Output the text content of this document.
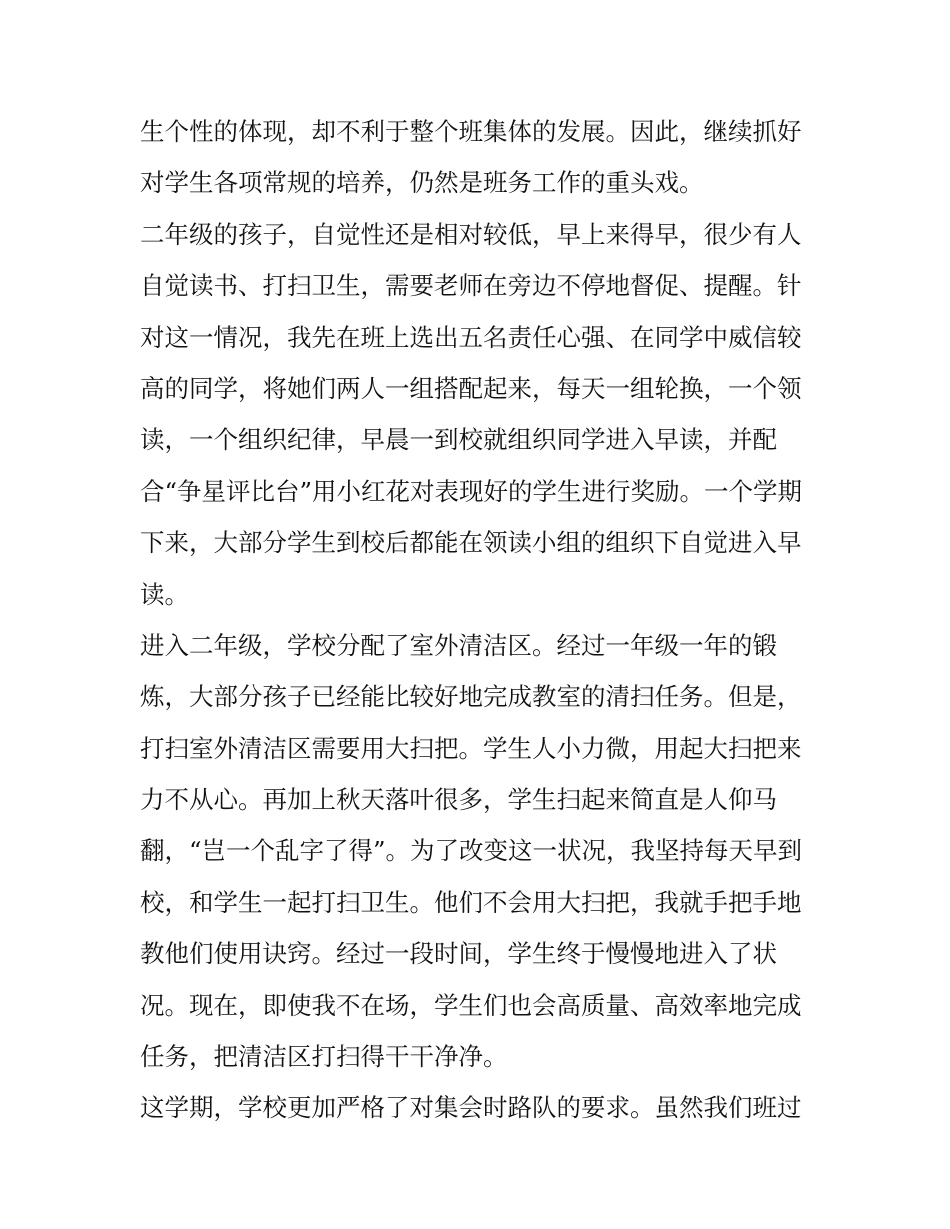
生个性的体现，却不利于整个班集体的发展。因此，继续抓好
对学生各项常规的培养，仍然是班务工作的重头戏。
二年级的孩子，自觉性还是相对较低，早上来得早，很少有人
自觉读书、打扫卫生，需要老师在旁边不停地督促、提醒。针
对这一情况，我先在班上选出五名责任心强、在同学中威信较
高的同学，将她们两人一组搭配起来，每天一组轮换，一个领
读，一个组织纪律，早晨一到校就组织同学进入早读，并配
合“争星评比台”用小红花对表现好的学生进行奖励。一个学期
下来，大部分学生到校后都能在领读小组的组织下自觉进入早
读。
进入二年级，学校分配了室外清洁区。经过一年级一年的锻
炼，大部分孩子已经能比较好地完成教室的清扫任务。但是，
打扫室外清洁区需要用大扫把。学生人小力微，用起大扫把来
力不从心。再加上秋天落叶很多，学生扫起来简直是人仰马
翻，“岂一个乱字了得”。为了改变这一状况，我坚持每天早到
校，和学生一起打扫卫生。他们不会用大扫把，我就手把手地
教他们使用诀窍。经过一段时间，学生终于慢慢地进入了状
况。现在，即使我不在场，学生们也会高质量、高效率地完成
任务，把清洁区打扫得干干净净。
这学期，学校更加严格了对集会时路队的要求。虽然我们班过
